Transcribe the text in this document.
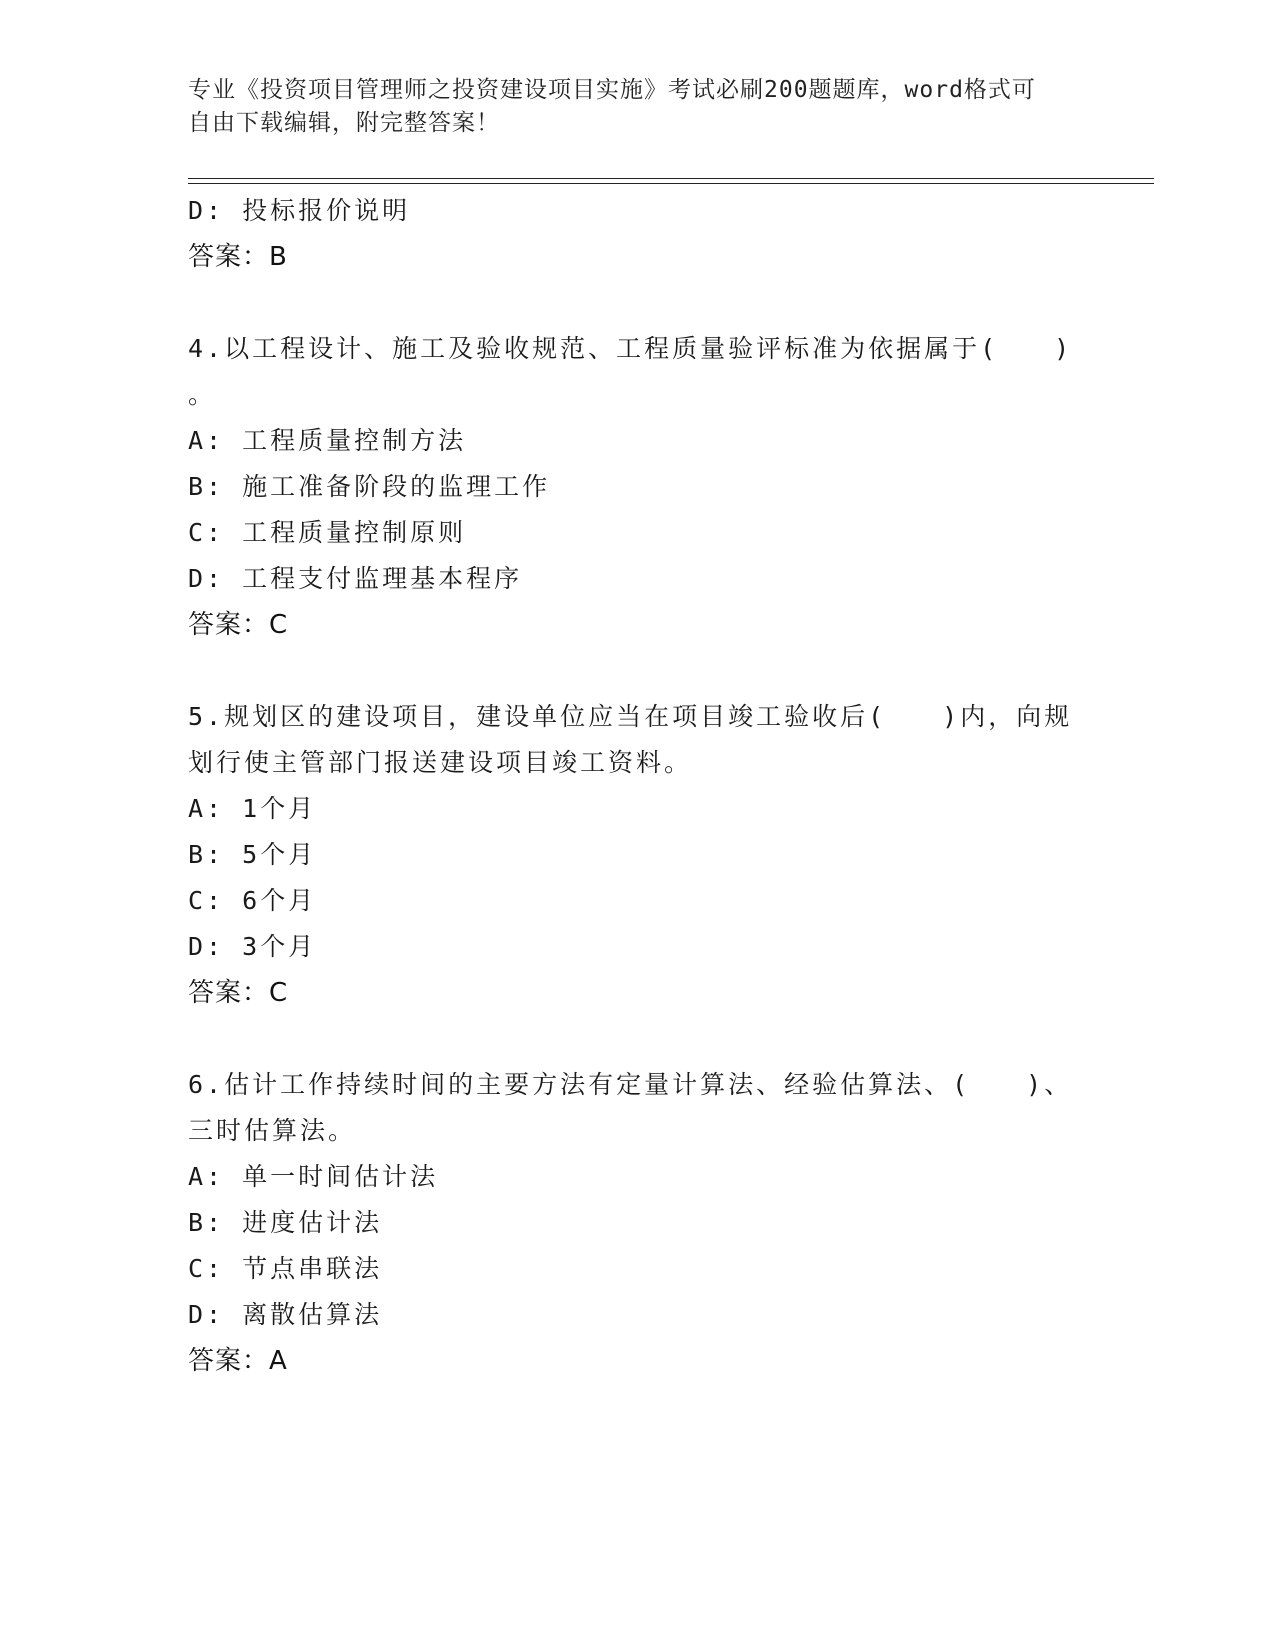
专业《投资项目管理师之投资建设项目实施》考试必刷200题题库，word格式可
自由下载编辑，附完整答案！
D: 投标报价说明
答案：B
4.以工程设计、施工及验收规范、工程质量验评标准为依据属于(　　)
。
A: 工程质量控制方法
B: 施工准备阶段的监理工作
C: 工程质量控制原则
D: 工程支付监理基本程序
答案：C
5.规划区的建设项目，建设单位应当在项目竣工验收后(　　)内，向规
划行使主管部门报送建设项目竣工资料。
A: 1个月
B: 5个月
C: 6个月
D: 3个月
答案：C
6.估计工作持续时间的主要方法有定量计算法、经验估算法、(　　)、
三时估算法。
A: 单一时间估计法
B: 进度估计法
C: 节点串联法
D: 离散估算法
答案：A
